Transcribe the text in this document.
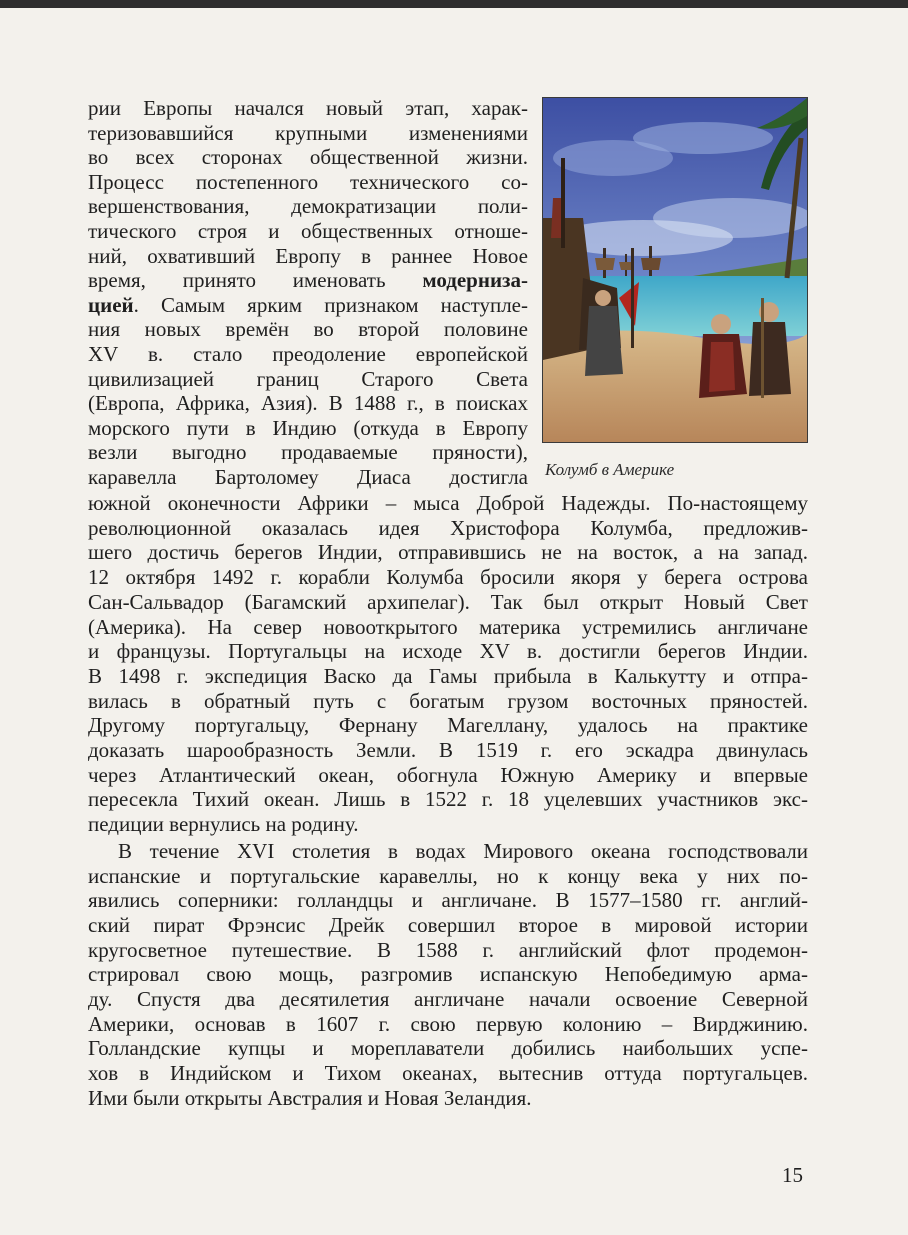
рии Европы начался новый этап, харак-
теризовавшийся крупными изменениями
во всех сторонах общественной жизни.
Процесс постепенного технического со-
вершенствования, демократизации поли-
тического строя и общественных отноше-
ний, охвативший Европу в раннее Новое
время, принято именовать модерниза-
цией. Самым ярким признаком наступле-
ния новых времён во второй половине
XV в. стало преодоление европейской
цивилизацией границ Старого Света
(Европа, Африка, Азия). В 1488 г., в поисках
морского пути в Индию (откуда в Европу
везли выгодно продаваемые пряности),
каравелла Бартоломеу Диаса достигла Колумб в Америке
южной оконечности Африки – мыса Доброй Надежды. По-настоящему
революционной оказалась идея Христофора Колумба, предложив-
шего достичь берегов Индии, отправившись не на восток, а на запад.
12 октября 1492 г. корабли Колумба бросили якоря у берега острова
Сан-Сальвадор (Багамский архипелаг). Так был открыт Новый Свет
(Америка). На север новооткрытого материка устремились англичане
и французы. Португальцы на исходе XV в. достигли берегов Индии.
В 1498 г. экспедиция Васко да Гамы прибыла в Калькутту и отпра-
вилась в обратный путь с богатым грузом восточных пряностей.
Другому португальцу, Фернану Магеллану, удалось на практике
доказать шарообразность Земли. В 1519 г. его эскадра двинулась
через Атлантический океан, обогнула Южную Америку и впервые
пересекла Тихий океан. Лишь в 1522 г. 18 уцелевших участников экс-
педиции вернулись на родину.
В течение XVI столетия в водах Мирового океана господствовали
испанские и португальские каравеллы, но к концу века у них по-
явились соперники: голландцы и англичане. В 1577–1580 гг. англий-
ский пират Фрэнсис Дрейк совершил второе в мировой истории
кругосветное путешествие. В 1588 г. английский флот продемон-
стрировал свою мощь, разгромив испанскую Непобедимую арма-
ду. Спустя два десятилетия англичане начали освоение Северной
Америки, основав в 1607 г. свою первую колонию – Вирджинию.
Голландские купцы и мореплаватели добились наибольших успе-
хов в Индийском и Тихом океанах, вытеснив оттуда португальцев.
Ими были открыты Австралия и Новая Зеландия.
15
